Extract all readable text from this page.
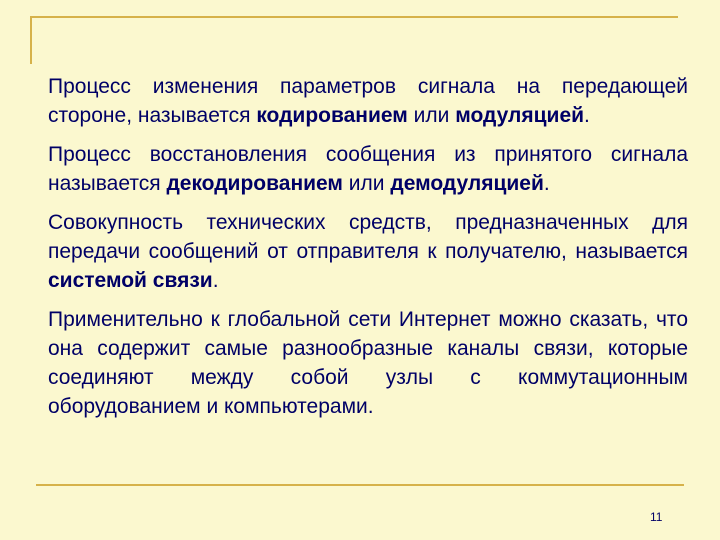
Процесс изменения параметров сигнала на передающей стороне, называется кодированием или модуляцией.

Процесс восстановления сообщения из принятого сигнала называется декодированием или демодуляцией.

Совокупность технических средств, предназначенных для передачи сообщений от отправителя к получателю, называется системой связи.

Применительно к глобальной сети Интернет можно сказать, что она содержит самые разнообразные каналы связи, которые соединяют между собой узлы с коммутационным оборудованием и компьютерами.

11
